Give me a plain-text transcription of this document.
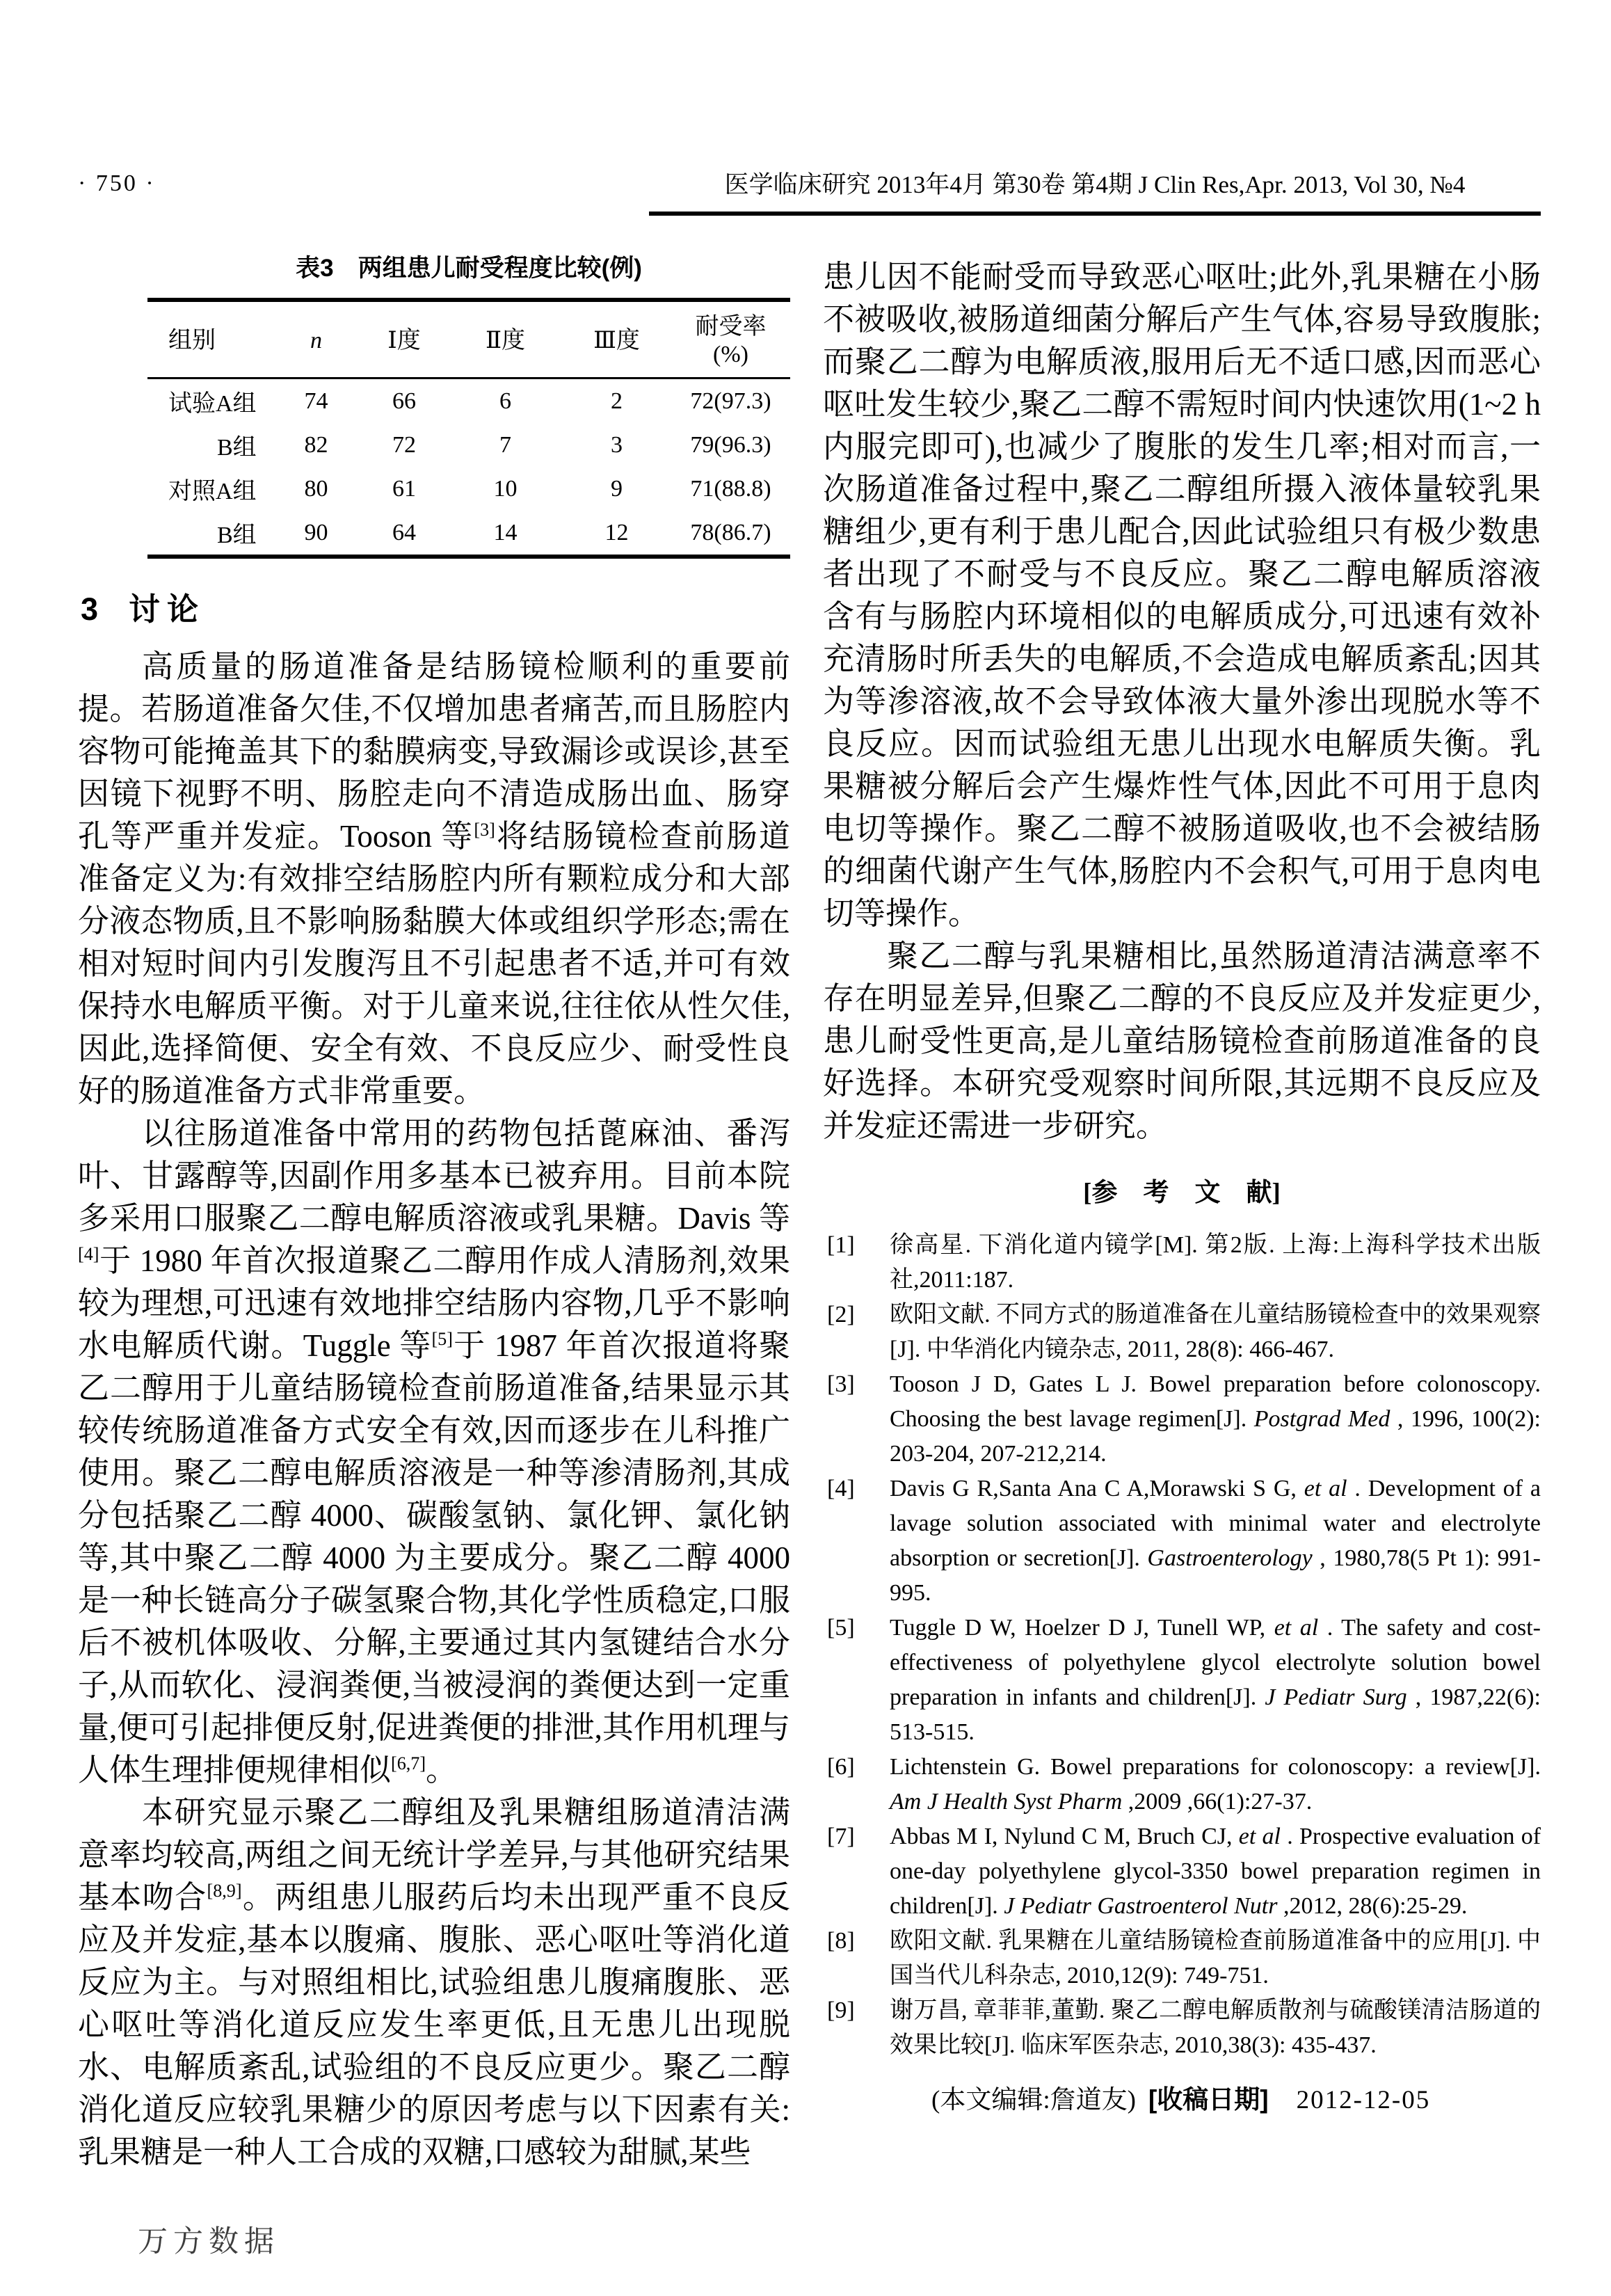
· 750 ·	医学临床研究 2013年4月 第30卷 第4期 J Clin Res,Apr. 2013, Vol 30, №4
表3　两组患儿耐受程度比较(例)
组别	n	Ⅰ度	Ⅱ度	Ⅲ度	耐受率
(%)

试验A组	74	66	6	2	72(97.3)
B组	82	72	7	3	79(96.3)
对照A组	80	61	10	9	71(88.8)
B组	90	64	14	12	78(86.7)
3 讨论

高质量的肠道准备是结肠镜检顺利的重要前提。若肠道准备欠佳,不仅增加患者痛苦,而且肠腔内容物可能掩盖其下的黏膜病变,导致漏诊或误诊,甚至因镜下视野不明、肠腔走向不清造成肠出血、肠穿孔等严重并发症。Tooson 等[3]将结肠镜检查前肠道准备定义为:有效排空结肠腔内所有颗粒成分和大部分液态物质,且不影响肠黏膜大体或组织学形态;需在相对短时间内引发腹泻且不引起患者不适,并可有效保持水电解质平衡。对于儿童来说,往往依从性欠佳,因此,选择简便、安全有效、不良反应少、耐受性良好的肠道准备方式非常重要。

以往肠道准备中常用的药物包括蓖麻油、番泻叶、甘露醇等,因副作用多基本已被弃用。目前本院多采用口服聚乙二醇电解质溶液或乳果糖。Davis 等[4]于 1980 年首次报道聚乙二醇用作成人清肠剂,效果较为理想,可迅速有效地排空结肠内容物,几乎不影响水电解质代谢。Tuggle 等[5]于 1987 年首次报道将聚乙二醇用于儿童结肠镜检查前肠道准备,结果显示其较传统肠道准备方式安全有效,因而逐步在儿科推广使用。聚乙二醇电解质溶液是一种等渗清肠剂,其成分包括聚乙二醇 4000、碳酸氢钠、氯化钾、氯化钠等,其中聚乙二醇 4000 为主要成分。聚乙二醇 4000 是一种长链高分子碳氢聚合物,其化学性质稳定,口服后不被机体吸收、分解,主要通过其内氢键结合水分子,从而软化、浸润粪便,当被浸润的粪便达到一定重量,便可引起排便反射,促进粪便的排泄,其作用机理与人体生理排便规律相似[6,7]。

本研究显示聚乙二醇组及乳果糖组肠道清洁满意率均较高,两组之间无统计学差异,与其他研究结果基本吻合[8,9]。两组患儿服药后均未出现严重不良反应及并发症,基本以腹痛、腹胀、恶心呕吐等消化道反应为主。与对照组相比,试验组患儿腹痛腹胀、恶心呕吐等消化道反应发生率更低,且无患儿出现脱水、电解质紊乱,试验组的不良反应更少。聚乙二醇消化道反应较乳果糖少的原因考虑与以下因素有关:乳果糖是一种人工合成的双糖,口感较为甜腻,某些

患儿因不能耐受而导致恶心呕吐;此外,乳果糖在小肠不被吸收,被肠道细菌分解后产生气体,容易导致腹胀;而聚乙二醇为电解质液,服用后无不适口感,因而恶心呕吐发生较少,聚乙二醇不需短时间内快速饮用(1~2 h 内服完即可),也减少了腹胀的发生几率;相对而言,一次肠道准备过程中,聚乙二醇组所摄入液体量较乳果糖组少,更有利于患儿配合,因此试验组只有极少数患者出现了不耐受与不良反应。聚乙二醇电解质溶液含有与肠腔内环境相似的电解质成分,可迅速有效补充清肠时所丢失的电解质,不会造成电解质紊乱;因其为等渗溶液,故不会导致体液大量外渗出现脱水等不良反应。因而试验组无患儿出现水电解质失衡。乳果糖被分解后会产生爆炸性气体,因此不可用于息肉电切等操作。聚乙二醇不被肠道吸收,也不会被结肠的细菌代谢产生气体,肠腔内不会积气,可用于息肉电切等操作。

聚乙二醇与乳果糖相比,虽然肠道清洁满意率不存在明显差异,但聚乙二醇的不良反应及并发症更少,患儿耐受性更高,是儿童结肠镜检查前肠道准备的良好选择。本研究受观察时间所限,其远期不良反应及并发症还需进一步研究。

[参　考　文　献]
[1] 徐高星. 下消化道内镜学[M]. 第2版. 上海:上海科学技术出版社,2011:187.
[2] 欧阳文献. 不同方式的肠道准备在儿童结肠镜检查中的效果观察[J]. 中华消化内镜杂志, 2011, 28(8): 466-467.
[3] Tooson J D, Gates L J. Bowel preparation before colonoscopy. Choosing the best lavage regimen[J]. Postgrad Med , 1996, 100(2): 203-204, 207-212,214.
[4] Davis G R,Santa Ana C A,Morawski S G, et al . Development of a lavage solution associated with minimal water and electrolyte absorption or secretion[J]. Gastroenterology , 1980,78(5 Pt 1): 991-995.
[5] Tuggle D W, Hoelzer D J, Tunell WP, et al . The safety and cost-effectiveness of polyethylene glycol electrolyte solution bowel preparation in infants and children[J]. J Pediatr Surg , 1987,22(6): 513-515.
[6] Lichtenstein G. Bowel preparations for colonoscopy: a review[J]. Am J Health Syst Pharm ,2009 ,66(1):27-37.
[7] Abbas M I, Nylund C M, Bruch CJ, et al . Prospective evaluation of one-day polyethylene glycol-3350 bowel preparation regimen in children[J]. J Pediatr Gastroenterol Nutr ,2012, 28(6):25-29.
[8] 欧阳文献. 乳果糖在儿童结肠镜检查前肠道准备中的应用[J]. 中国当代儿科杂志, 2010,12(9): 749-751.
[9] 谢万昌, 章菲菲,董勤. 聚乙二醇电解质散剂与硫酸镁清洁肠道的效果比较[J]. 临床军医杂志, 2010,38(3): 435-437.
(本文编辑:詹道友) [收稿日期] 2012-12-05
万方数据
